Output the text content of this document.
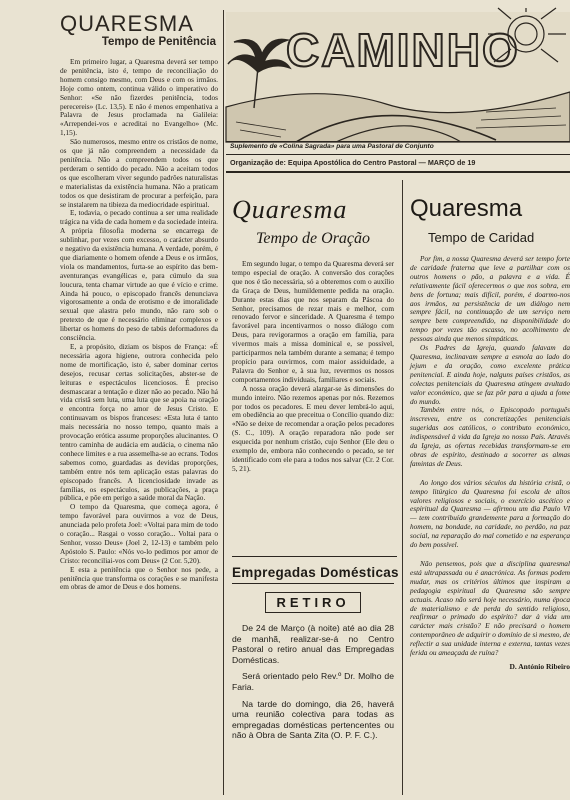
QUARESMA
Tempo de Penitência

Em primeiro lugar, a Quaresma deverá ser tempo de penitência, isto é, tempo de reconciliação do homem consigo mesmo, com Deus e com os irmãos. Hoje como ontem, continua válido o imperativo do Senhor: «Se não fizerdes penitência, todos perecereis» (Lc. 13,5). E não é menos empenhativa a Palavra de Jesus proclamada na Galileia: «Arrependei-vos e acreditai no Evangelho» (Mc. 1,15).

São numerosos, mesmo entre os cristãos de nome, os que já não compreendem a necessidade da penitência. Não a compreendem todos os que perderam o sentido do pecado. Não a aceitam todos os que escolheram viver segundo padrões naturalistas e materialistas da existência humana. Não a praticam todos os que desistiram de procurar a perfeição, para se instalarem na tibieza da mediocridade espiritual.

E, todavia, o pecado continua a ser uma realidade trágica na vida de cada homem e da sociedade inteira. A própria filosofia moderna se encarrega de sublinhar, por vezes com excesso, o carácter absurdo e negativo da existência humana. A verdade, porém, é que diariamente o homem ofende a Deus e os irmãos, viola os mandamentos, furta-se ao espírito das bem-aventuranças evangélicas e, para cúmulo da sua loucura, tenta chamar virtude ao que é vício e crime. Ainda há pouco, o episcopado francês denunciava vigorosamente a onda de erotismo e de imoralidade sexual que alastra pelo mundo, não raro sob o pretexto de que é necessário eliminar complexos e libertar os homens do peso de tabús deformadores da consciência.

E, a propósito, diziam os bispos de França: «É necessária agora higiene, outrora conhecida pelo nome de mortificação, isto é, saber dominar certos desejos, recusar certas solicitações, abster-se de leituras e espectáculos licenciosos. É preciso desmascarar a tentação e dizer não ao pecado. Não há vida cristã sem luta, uma luta que se apoia na oração e encontra força no amor de Jesus Cristo. E continuavam os bispos franceses: «Esta luta é tanto mais necessária no nosso tempo, quanto mais a provocação erótica assume proporções alucinantes. O tentro caminha de audácia em audácia, o cinema não conhece limites e a rua assemelha-se ao ecrans. Todos sabemos como, guardadas as devidas proporções, também entre nós tem aplicação estas palavras do episcopado francês. A licenciosidade invade as famílias, os espectáculos, as publicações, a praça pública, e põe em perigo a saúde moral da Nação.

O tempo da Quaresma, que começa agora, é tempo favorável para ouvirmos a voz de Deus, anunciada pelo profeta Joel: «Voltai para mim de todo o coração... Rasgai o vosso coração... Voltai para o Senhor, vosso Deus» (Joel 2, 12-13) e também pelo Apóstolo S. Paulo: «Nós vo-lo pedimos por amor de Cristo: reconciliai-vos com Deus» (2 Cor. 5,20).

E esta a penitência que o Senhor nos pede, a penitência que transforma os corações e se manifesta em obras de amor de Deus e dos homens.

CAMINHO
Suplemento de «Colina Sagrada» para uma Pastoral de Conjunto
Organização de: Equipa Apostólica do Centro Pastoral — MARÇO de 19
Quaresma
Tempo de Oração

Em segundo lugar, o tempo da Quaresma deverá ser tempo especial de oração. A conversão dos corações que nos é tão necessária, só a obteremos com o auxílio da Graça de Deus, humildemente pedida na oração. Durante estas dias que nos separam da Páscoa do Senhor, precisamos de rezar mais e melhor, com renovado fervor e sinceridade. A Quaresma é tempo favorável para incentivarmos o nosso diálogo com Deus, para revigorarmos a oração em família, para vivermos mais a missa dominical e, se possível, participarmos nela também durante a semana; é tempo propício para ouvirmos, com maior assiduidade, a Palavra do Senhor e, à sua luz, revermos os nossos comportamentos individuais, familiares e sociais.

A nossa oração deverá alargar-se às dimensões do mundo inteiro. Não rezemos apenas por nós. Rezemos por todos os pecadores. E meu dever lembrá-lo aqui, em obediência ao que preceitua o Concílio quando diz: «Não se deixe de recomendar a oração pelos pecadores (S. C., 109). A oração reparadora não pode ser esquecida por nenhum cristão, cujo Senhor (Ele deu o exemplo de, embora não conhecendo o pecado, se ter identificado com ele para a todos nos salvar (Cr. 2 Cor. 5, 21).

Empregadas Domésticas
RETIRO

De 24 de Março (à noite) até ao dia 28 de manhã, realizar-se-á no Centro Pastoral o retiro anual das Empregadas Domésticas.

Será orientado pelo Rev.º Dr. Molho de Faria.

Na tarde do domingo, dia 26, haverá uma reunião colectiva para todas as empregadas domésticas pertencentes ou não à Obra de Santa Zita (O. P. F. C.).

Quaresma
Tempo de Caridad

Por fim, a nossa Quaresma deverá ser tempo forte de caridade fraterna que leve a partilhar com os outros homens o pão, a palavra e a vida. É relativamente fácil oferecermos o que nos sobra, em bens de fortuna; mais difícil, porém, é doarmo-nos aos irmãos, na persistência de um diálogo nem sempre fácil, na continuação de um serviço nem sempre bem compreendido, na disponibilidade do tempo por vezes tão escasso, no acolhimento de pessoas ainda que menos simpáticas.

Os Padres da Igreja, quando falavam da Quaresma, inclinavam sempre a esmola ao lado do jejum e da oração, como excelente prática penitencial. E ainda hoje, nalguns países cristãos, as colectas penitenciais da Quaresma atingem avultado valor económico, que se faz pôr para a ajuda a fome do mundo.

Também entre nós, o Episcopado português inscreveu, entre os concretizações penitenciais sugeridas aos católicos, o contributo económico, indispensável à vida da Igreja no nosso País. Através da Igreja, as ofertas recebidas transformam-se em obras de espírito, destinado a socorrer as almas famintas de Deus.

Ao longo dos vários séculos da história cristã, o tempo litúrgico da Quaresma foi escola de altos valores religiosos e sociais, o exercício ascético e espiritual da Quaresma — afirmou um dia Paulo VI — tem contribuído grandemente para a formação do homem, na bondade, na caridade, no perdão, na paz social, na reparação do mal cometido e na esperança do bem possível.

Não pensemos, pois que a disciplina quaresmal está ultrapassada ou é anacrónica. As formas podem mudar, mas os critérios últimos que inspiram a pedagogia espiritual da Quaresma são sempre actuais. Acaso não será hoje necessário, numa época de materialismo e de perda do sentido religioso, reafirmar o primado do espírito? dar à vida um carácter mais cristão? E não precisará o homem contemporâneo de adquirir o domínio de si mesmo, de reflectir a sua unidade interna e externa, tantas vezes ferida ou ameaçada de ruína?

D. António Ribeiro
